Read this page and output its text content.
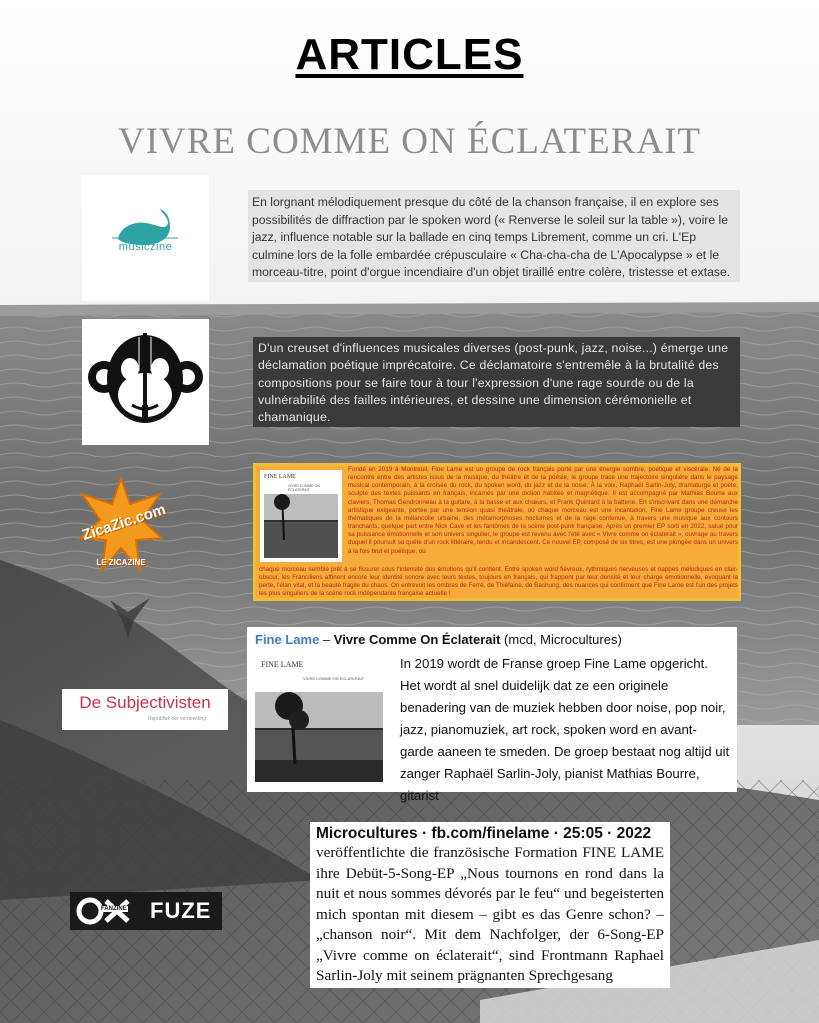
ARTICLES
VIVRE COMME ON ÉCLATERAIT
musiczine
En lorgnant mélodiquement presque du côté de la chanson française, il en explore ses possibilités de diffraction par le spoken word (« Renverse le soleil sur la table »), voire le jazz, influence notable sur la ballade en cinq temps Librement, comme un cri. L'Ep culmine lors de la folle embardée crépusculaire « Cha-cha-cha de L'Apocalypse » et le morceau-titre, point d'orgue incendiaire d'un objet tiraillé entre colère, tristesse et extase.
D'un creuset d'influences musicales diverses (post-punk, jazz, noise...) émerge une déclamation poétique imprécatoire. Ce déclamatoire s'entremêle à la brutalité des compositions pour se faire tour à tour l'expression d'une rage sourde ou de la vulnérabilité des failles intérieures, et dessine une dimension cérémonielle et chamanique.
ZicaZic.com
LE ZICAZINE
FINE LAME
VIVRE COMME ON ÉCLATERAIT
Fondé en 2019 à Montreuil, Fine Lame est un groupe de rock français porté par une énergie sombre, poétique et viscérale. Né de la rencontre entre des artistes issus de la musique, du théâtre et de la poésie, le groupe trace une trajectoire singulière dans le paysage musical contemporain, à la croisée du rock, du spoken word, du jazz et de la noise. À la voix, Raphaël Sarlin-Joly, dramaturge et poète, sculpte des textes puissants en français, incarnés par une diction habitée et magnétique. Il est accompagné par Mathias Bourre aux claviers, Thomas Gendronneau à la guitare, à la basse et aux chœurs, et Frank Quintard à la batterie. En s'inscrivant dans une démarche artistique exigeante, portée par une tension quasi théâtrale, où chaque morceau est une incantation, Fine Lame groupe creuse les thématiques de la mélancolie urbaine, des métamorphoses nocturnes et de la rage contenue, à travers une musique aux contours tranchants, quelque part entre Nick Cave et les fantômes de la scène post-punk française. Après un premier EP sorti en 2022, salué pour sa puissance émotionnelle et son univers singulier, le groupe est revenu avec l'été avec « Vivre comme on éclaterait », ouvrage au travers duquel il poursuit sa quête d'un rock littéraire, tendu et incandescent. Ce nouvel EP, composé de six titres, est une plongée dans un univers à la fois brut et poétique, où
chaque morceau semble prêt à se fissurer sous l'intensité des émotions qu'il contient. Entre spoken word fiévreux, rythmiques nerveuses et nappes mélodiques en clair-obscur, les Franciliens affinent encore leur identité sonore avec leurs textes, toujours en français, qui frappent par leur densité et leur charge émotionnelle, évoquant la perte, l'élan vital, et la beauté fragile du chaos. On entrevoit les ombres de Ferré, de Thiéfaine, de Bashung, des nuances qui confirment que Fine Lame est l'un des projets les plus singuliers de la scène rock indépendante française actuelle !
De Subjectivisten
Republiek der verbeelding
Fine Lame – Vivre Comme On Éclaterait (mcd, Microcultures)
FINE LAME
VIVRE COMME ON ÉCLATERAIT
In 2019 wordt de Franse groep Fine Lame opgericht. Het wordt al snel duidelijk dat ze een originele benadering van de muziek hebben door noise, pop noir, jazz, pianomuziek, art rock, spoken word en avant-garde aaneen te smeden. De groep bestaat nog altijd uit zanger Raphaël Sarlin-Joly, pianist Mathias Bourre, gitarist
FANZINE FUZE
Microcultures · fb.com/finelame · 25:05 · 2022
veröffentlichte die französische Formation FINE LAME ihre Debüt-5-Song-EP „Nous tournons en rond dans la nuit et nous sommes dévorés par le feu“ und begeisterten mich spontan mit diesem – gibt es das Genre schon? – „chanson noir“. Mit dem Nachfolger, der 6-Song-EP „Vivre comme on éclaterait“, sind Frontmann Raphael Sarlin-Joly mit seinem prägnanten Sprechgesang
